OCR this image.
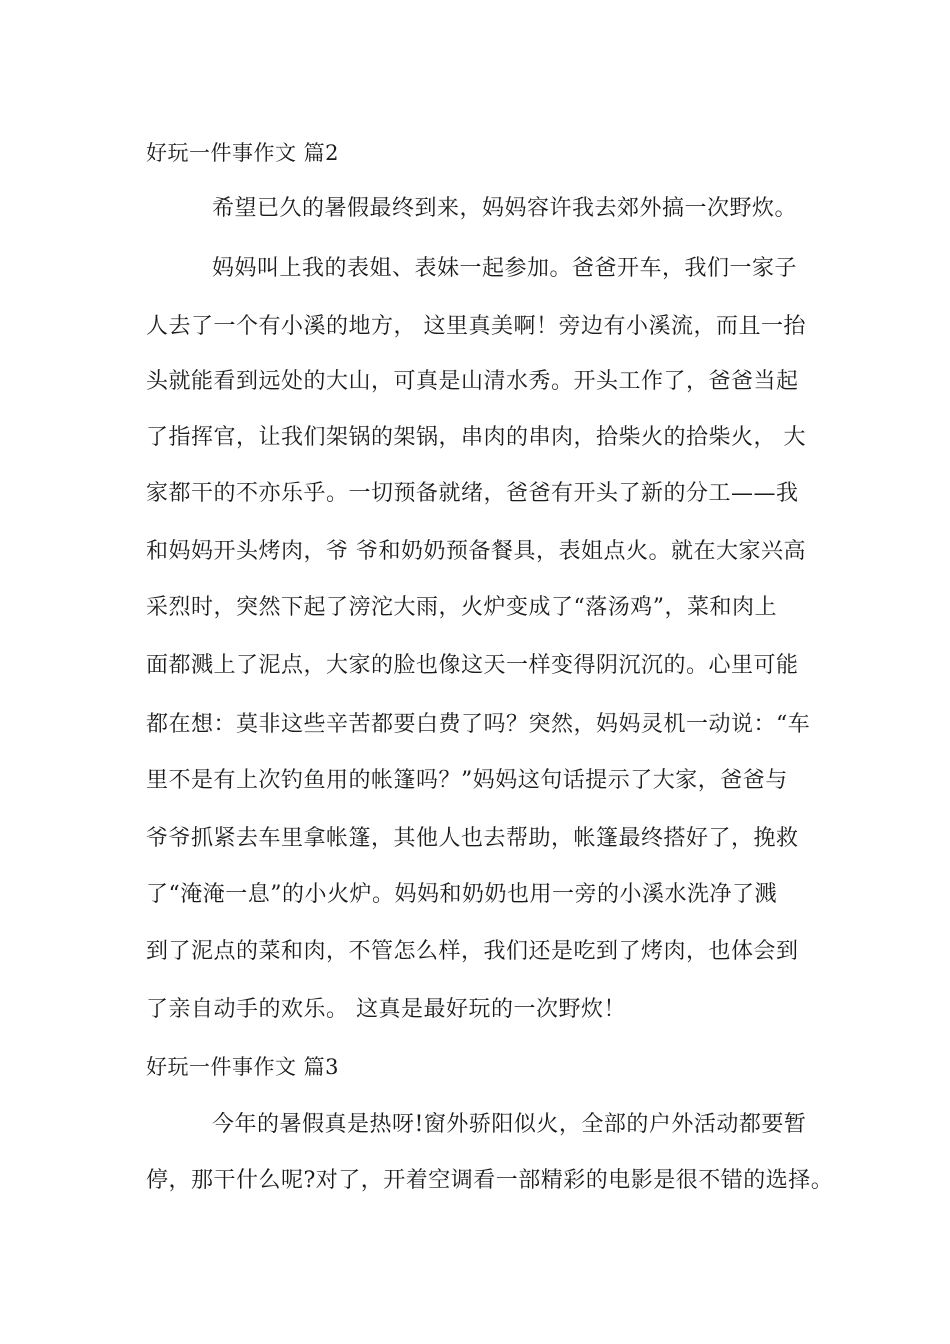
好玩一件事作文 篇2
希望已久的暑假最终到来，妈妈容许我去郊外搞一次野炊。
妈妈叫上我的表姐、表妹一起参加。爸爸开车，我们一家子
人去了一个有小溪的地方， 这里真美啊！旁边有小溪流，而且一抬
头就能看到远处的大山，可真是山清水秀。开头工作了，爸爸当起
了指挥官，让我们架锅的架锅，串肉的串肉，拾柴火的拾柴火， 大
家都干的不亦乐乎。一切预备就绪，爸爸有开头了新的分工——我
和妈妈开头烤肉，爷 爷和奶奶预备餐具，表姐点火。就在大家兴高
采烈时，突然下起了滂沱大雨，火炉变成了“落汤鸡”，菜和肉上
面都溅上了泥点，大家的脸也像这天一样变得阴沉沉的。心里可能
都在想：莫非这些辛苦都要白费了吗？突然，妈妈灵机一动说：“车
里不是有上次钓鱼用的帐篷吗？”妈妈这句话提示了大家，爸爸与
爷爷抓紧去车里拿帐篷，其他人也去帮助，帐篷最终搭好了，挽救
了“淹淹一息”的小火炉。妈妈和奶奶也用一旁的小溪水洗净了溅
到了泥点的菜和肉，不管怎么样，我们还是吃到了烤肉，也体会到
了亲自动手的欢乐。 这真是最好玩的一次野炊！
好玩一件事作文 篇3
今年的暑假真是热呀!窗外骄阳似火，全部的户外活动都要暂
停，那干什么呢?对了，开着空调看一部精彩的电影是很不错的选择。
